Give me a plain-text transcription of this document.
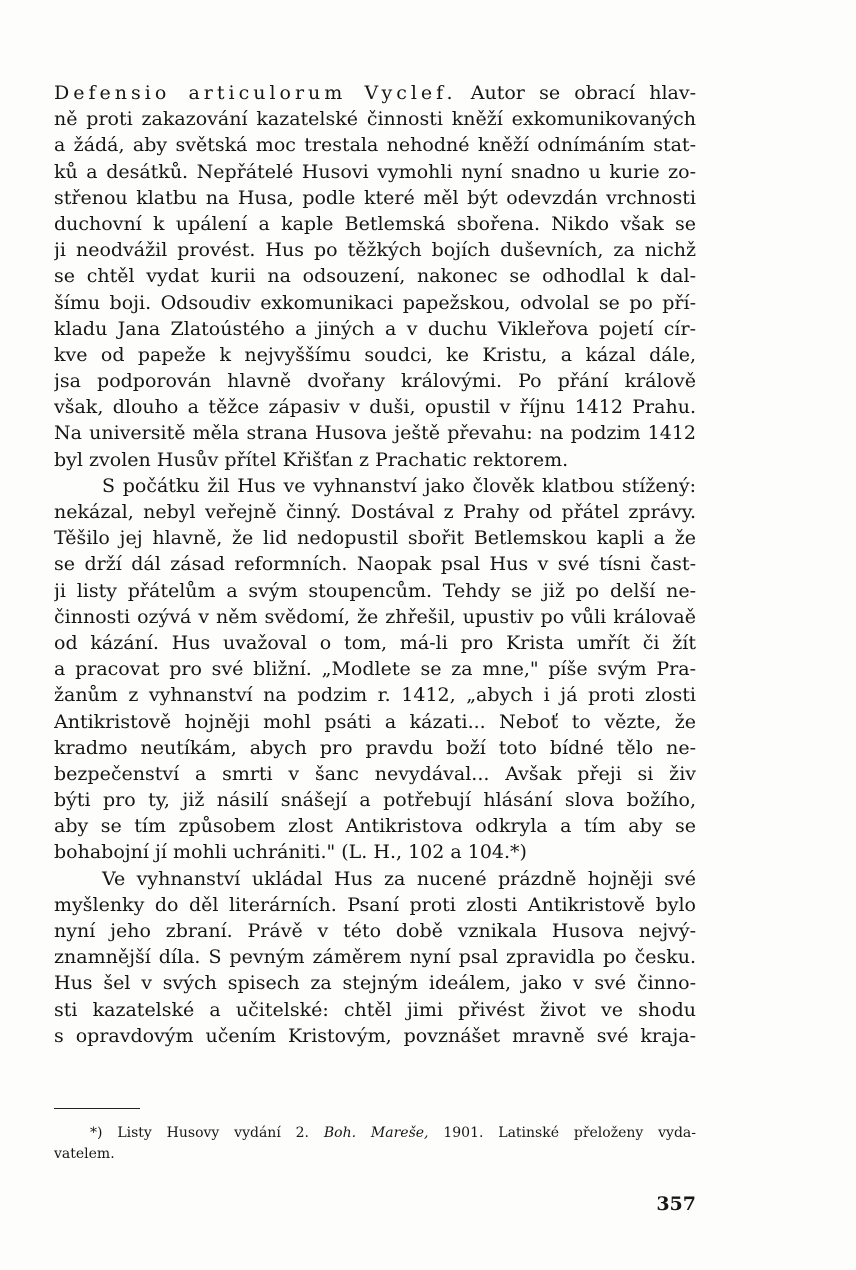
Defensio articulorum Vyclef. Autor se obrací hlav-
ně proti zakazování kazatelské činnosti kněží exkomunikovaných
a žádá, aby světská moc trestala nehodné kněží odnímáním stat-
ků a desátků. Nepřátelé Husovi vymohli nyní snadno u kurie zo-
střenou klatbu na Husa, podle které měl být odevzdán vrchnosti
duchovní k upálení a kaple Betlemská sbořena. Nikdo však se
ji neodvážil provést. Hus po těžkých bojích duševních, za nichž
se chtěl vydat kurii na odsouzení, nakonec se odhodlal k dal-
šímu boji. Odsoudiv exkomunikaci papežskou, odvolal se po pří-
kladu Jana Zlatoústého a jiných a v duchu Vikleřova pojetí cír-
kve od papeže k nejvyššímu soudci, ke Kristu, a kázal dále,
jsa podporován hlavně dvořany královými. Po přání králově
však, dlouho a těžce zápasiv v duši, opustil v říjnu 1412 Prahu.
Na universitě měla strana Husova ještě převahu: na podzim 1412
byl zvolen Husův přítel Křišťan z Prachatic rektorem.
S počátku žil Hus ve vyhnanství jako člověk klatbou stížený:
nekázal, nebyl veřejně činný. Dostával z Prahy od přátel zprávy.
Těšilo jej hlavně, že lid nedopustil sbořit Betlemskou kapli a že
se drží dál zásad reformních. Naopak psal Hus v své tísni čast-
ji listy přátelům a svým stoupencům. Tehdy se již po delší ne-
činnosti ozývá v něm svědomí, že zhřešil, upustiv po vůli královaě
od kázání. Hus uvažoval o tom, má-li pro Krista umřít či žít
a pracovat pro své bližní. „Modlete se za mne," píše svým Pra-
žanům z vyhnanství na podzim r. 1412, „abych i já proti zlosti
Antikristově hojněji mohl psáti a kázati... Neboť to vězte, že
kradmo neutíkám, abych pro pravdu boží toto bídné tělo ne-
bezpečenství a smrti v šanc nevydával... Avšak přeji si živ
býti pro ty, již násilí snášejí a potřebují hlásání slova božího,
aby se tím způsobem zlost Antikristova odkryla a tím aby se
bohabojní jí mohli uchrániti." (L. H., 102 a 104.*)
Ve vyhnanství ukládal Hus za nucené prázdně hojněji své
myšlenky do děl literárních. Psaní proti zlosti Antikristově bylo
nyní jeho zbraní. Právě v této době vznikala Husova nejvý-
znamnější díla. S pevným záměrem nyní psal zpravidla po česku.
Hus šel v svých spisech za stejným ideálem, jako v své činno-
sti kazatelské a učitelské: chtěl jimi přivést život ve shodu
s opravdovým učením Kristovým, povznášet mravně své kraja-
*) Listy Husovy vydání 2. Boh. Mareše, 1901. Latinské přeloženy vyda-
vatelem.
357
